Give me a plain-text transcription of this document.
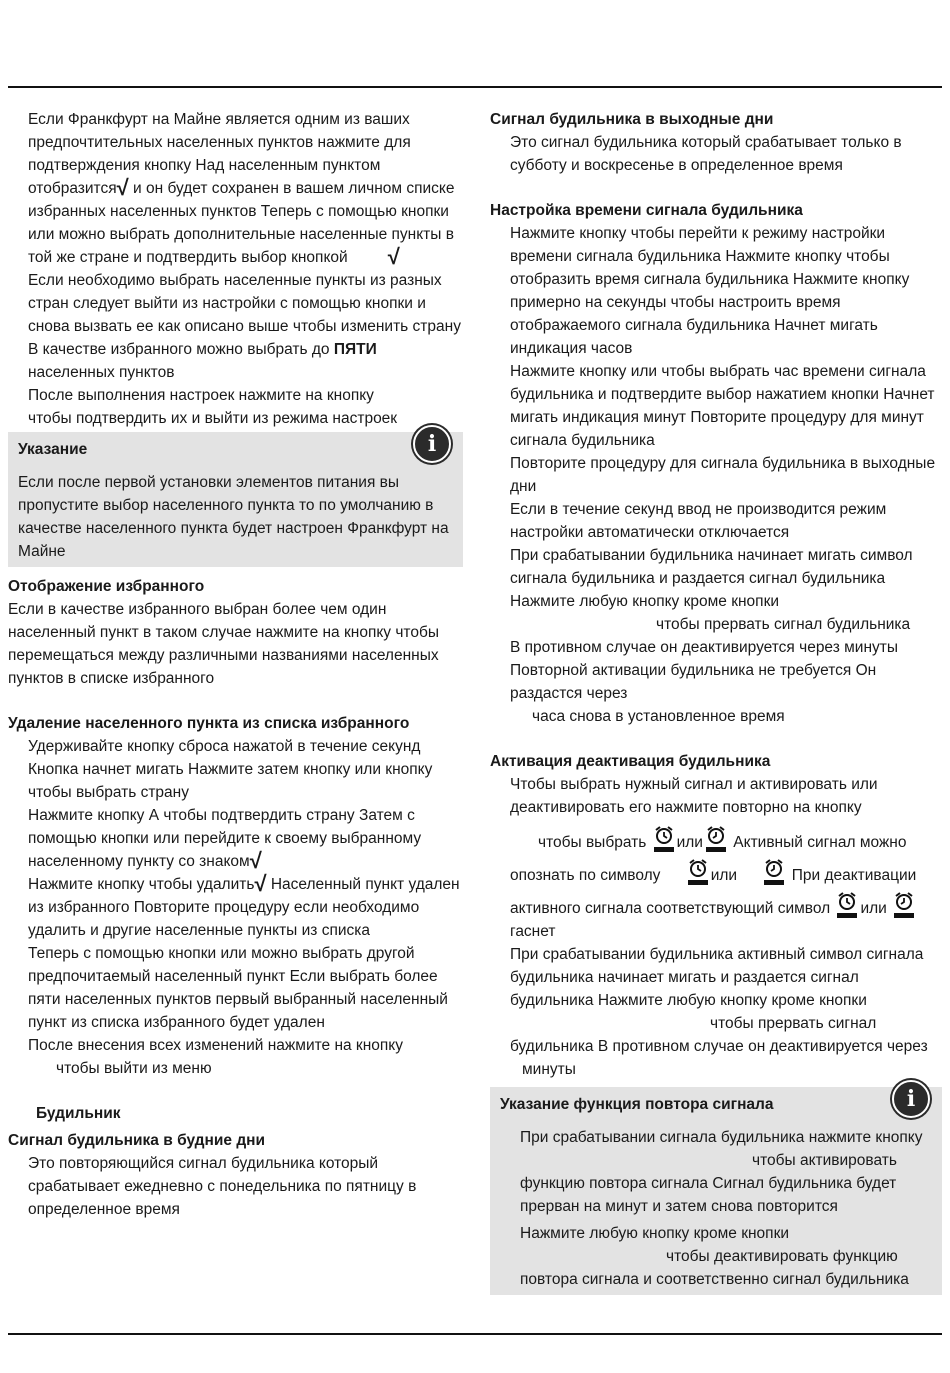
Если Франкфурт на Майне является одним из ваших предпочтительных населенных пунктов нажмите для подтверждения кнопку Над населенным пунктом отобразится√ и он будет сохранен в вашем личном списке избранных населенных пунктов Теперь с помощью кнопки или можно выбрать дополнительные населенные пункты в той же стране и подтвердить выбор кнопкой √

Если необходимо выбрать населенные пункты из разных стран следует выйти из настройки с помощью кнопки и снова вызвать ее как описано выше чтобы изменить страну

В качестве избранного можно выбрать до ПЯТИ населенных пунктов

После выполнения настроек нажмите на кнопку

чтобы подтвердить их и выйти из режима настроек

i
Указание

Если после первой установки элементов питания вы пропустите выбор населенного пункта то по умолчанию в качестве населенного пункта будет настроен Франкфурт на Майне

Отображение избранного

Если в качестве избранного выбран более чем один населенный пункт в таком случае нажмите на кнопку чтобы перемещаться между различными названиями населенных пунктов в списке избранного

Удаление населенного пункта из списка избранного

Удерживайте кнопку сброса нажатой в течение секунд Кнопка начнет мигать Нажмите затем кнопку или кнопку чтобы выбрать страну

Нажмите кнопку А чтобы подтвердить страну Затем с помощью кнопки или перейдите к своему выбранному населенному пункту со знаком√

Нажмите кнопку чтобы удалить√ Населенный пункт удален из избранного Повторите процедуру если необходимо удалить и другие населенные пункты из списка

Теперь с помощью кнопки или можно выбрать другой предпочитаемый населенный пункт Если выбрать более пяти населенных пунктов первый выбранный населенный пункт из списка избранного будет удален

После внесения всех изменений нажмите на кнопку

чтобы выйти из меню

Будильник
Сигнал будильника в будние дни

Это повторяющийся сигнал будильника который срабатывает ежедневно с понедельника по пятницу в определенное время

Сигнал будильника в выходные дни

Это сигнал будильника который срабатывает только в субботу и воскресенье в определенное время

Настройка времени сигнала будильника

Нажмите кнопку чтобы перейти к режиму настройки времени сигнала будильника Нажмите кнопку чтобы отобразить время сигнала будильника Нажмите кнопку примерно на секунды чтобы настроить время отображаемого сигнала будильника Начнет мигать индикация часов

Нажмите кнопку или чтобы выбрать час времени сигнала будильника и подтвердите выбор нажатием кнопки Начнет мигать индикация минут Повторите процедуру для минут сигнала будильника

Повторите процедуру для сигнала будильника в выходные дни

Если в течение секунд ввод не производится режим настройки автоматически отключается

При срабатывании будильника начинает мигать символ сигнала будильника и раздается сигнал будильника

Нажмите любую кнопку кроме кнопки

чтобы прервать сигнал будильника

В противном случае он деактивируется через минуты

Повторной активации будильника не требуется Он раздастся через

часа снова в установленное время

Активация деактивация будильника

Чтобы выбрать нужный сигнал и активировать или деактивировать его нажмите повторно на кнопку

чтобы выбрать или Активный сигнал можно

опознать по символу	или	При деактивации

активного сигнала соответствующий символ или
гаснет

При срабатывании будильника активный символ сигнала будильника начинает мигать и раздается сигнал будильника Нажмите любую кнопку кроме кнопки

чтобы прервать сигнал

будильника В противном случае он деактивируется через

минуты

i
Указание функция повтора сигнала

При срабатывании сигнала будильника нажмите кнопку

чтобы активировать

функцию повтора сигнала Сигнал будильника будет прерван на минут и затем снова повторится

Нажмите любую кнопку кроме кнопки

чтобы деактивировать функцию

повтора сигнала и соответственно сигнал будильника
